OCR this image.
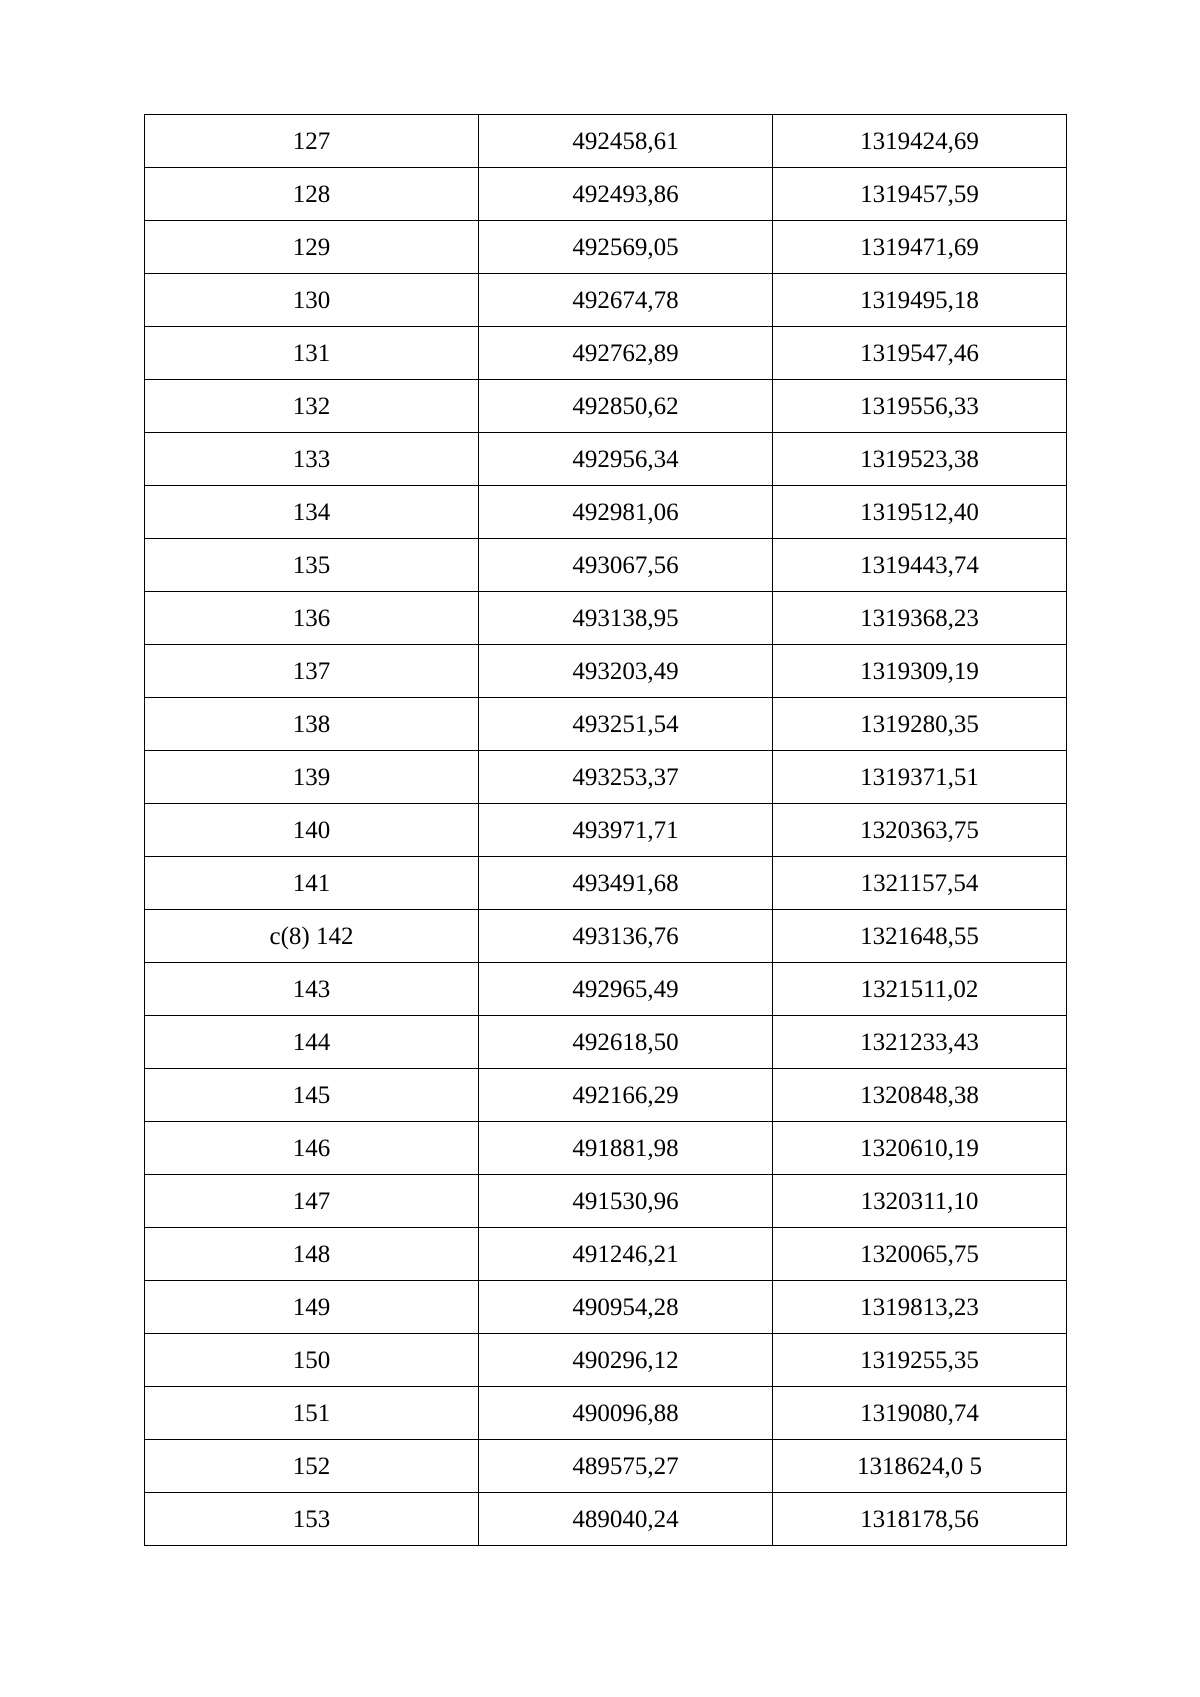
127	492458,61	1319424,69
128	492493,86	1319457,59
129	492569,05	1319471,69
130	492674,78	1319495,18
131	492762,89	1319547,46
132	492850,62	1319556,33
133	492956,34	1319523,38
134	492981,06	1319512,40
135	493067,56	1319443,74
136	493138,95	1319368,23
137	493203,49	1319309,19
138	493251,54	1319280,35
139	493253,37	1319371,51
140	493971,71	1320363,75
141	493491,68	1321157,54
c(8) 142	493136,76	1321648,55
143	492965,49	1321511,02
144	492618,50	1321233,43
145	492166,29	1320848,38
146	491881,98	1320610,19
147	491530,96	1320311,10
148	491246,21	1320065,75
149	490954,28	1319813,23
150	490296,12	1319255,35
151	490096,88	1319080,74
152	489575,27	1318624,0 5
153	489040,24	1318178,56
